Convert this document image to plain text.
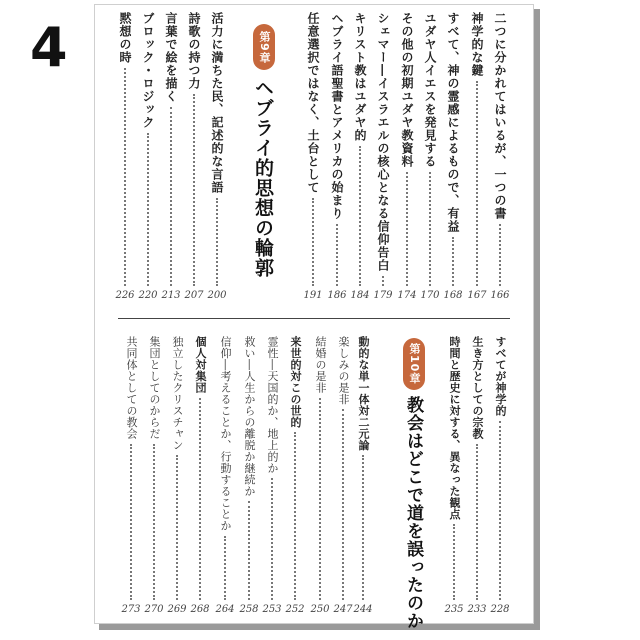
4	二つに分かれてはいるが、一つの書
166
神学的な鍵
167
すべて、神の霊感によるもので、有益
168
ユダヤ人イエスを発見する
170
その他の初期ユダヤ教資料
174
シェマー―イスラエルの核心となる信仰告白
179
キリスト教はユダヤ的
184
ヘブライ語聖書とアメリカの始まり
186
任意選択ではなく、土台として
191
第9章
ヘブライ的思想の輪郭
活力に満ちた民、記述的な言語
200
詩歌の持つ力
207
言葉で絵を描く
213
ブロック・ロジック
220
黙想の時
226
すべてが神学的
228
生き方としての宗教
233
時間と歴史に対する、異なった観点
235
第10章
教会はどこで道を誤ったのか
動的な単一体対二元論
244
楽しみの是非
247
結婚の是非
250
来世的対この世的
252
霊性―天国的か、地上的か
253
救い―人生からの離脱か継続か
258
信仰―考えることか、行動することか
264
個人対集団
268
独立したクリスチャン
269
集団としてのからだ
270
共同体としての教会
273
